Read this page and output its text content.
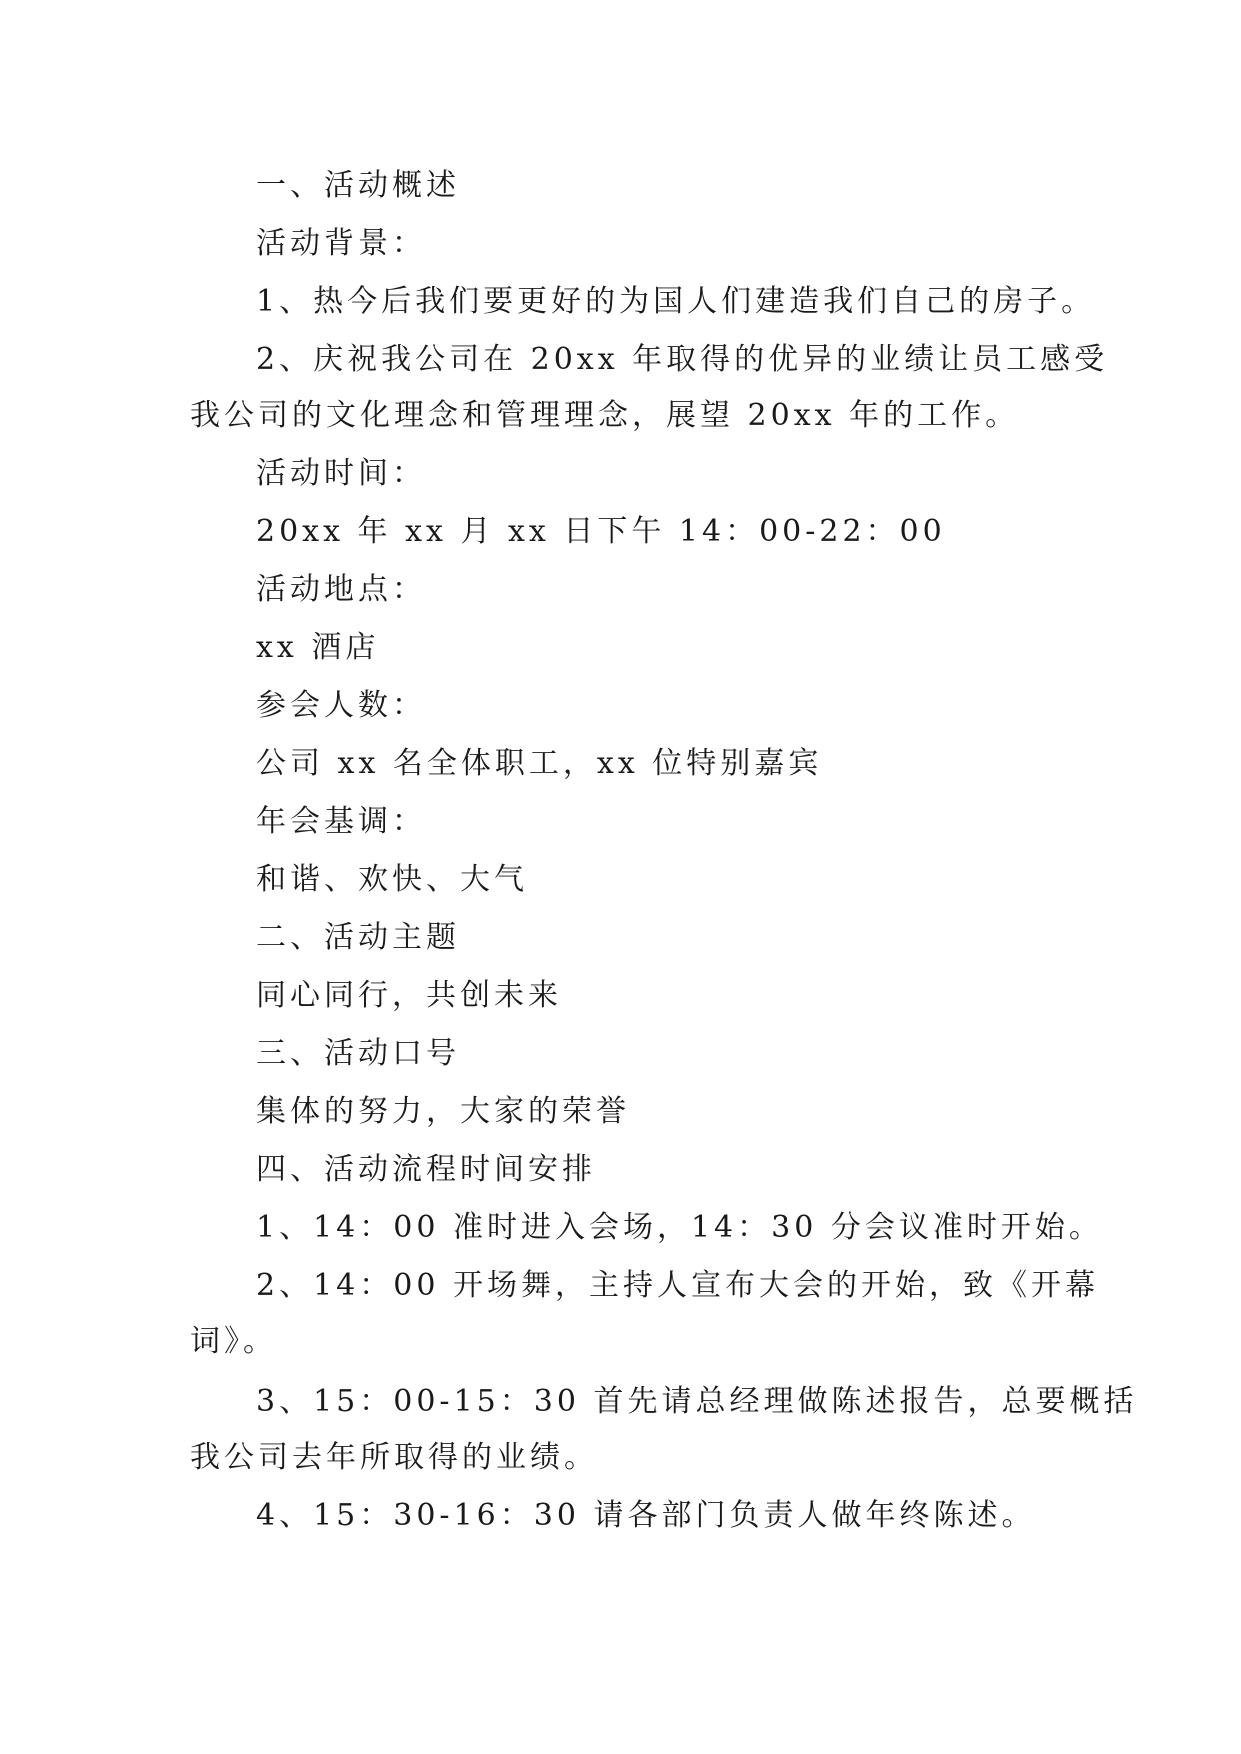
一、活动概述
活动背景：
1、热今后我们要更好的为国人们建造我们自己的房子。
2、庆祝我公司在 20xx 年取得的优异的业绩让员工感受
我公司的文化理念和管理理念，展望 20xx 年的工作。
活动时间：
20xx 年 xx 月 xx 日下午 14：00-22：00
活动地点：
xx 酒店
参会人数：
公司 xx 名全体职工，xx 位特别嘉宾
年会基调：
和谐、欢快、大气
二、活动主题
同心同行，共创未来
三、活动口号
集体的努力，大家的荣誉
四、活动流程时间安排
1、14：00 准时进入会场，14：30 分会议准时开始。
2、14：00 开场舞，主持人宣布大会的开始，致《开幕
词》。
3、15：00-15：30 首先请总经理做陈述报告，总要概括
我公司去年所取得的业绩。
4、15：30-16：30 请各部门负责人做年终陈述。
